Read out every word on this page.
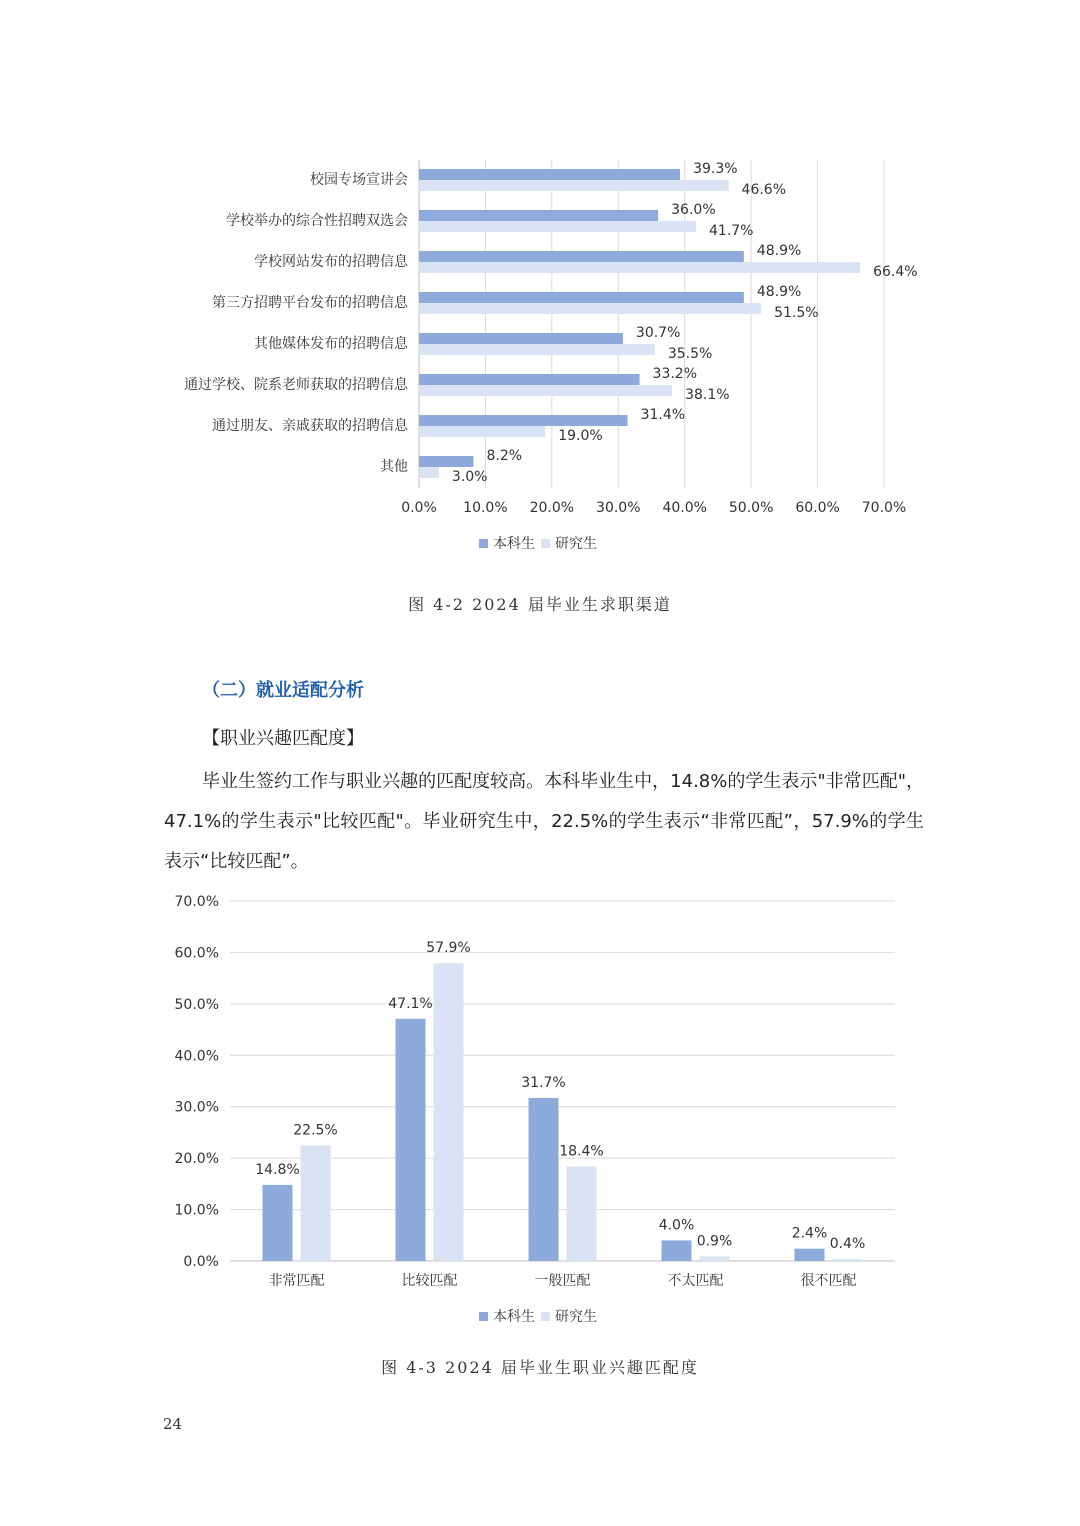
0.0% 10.0% 20.0% 30.0% 40.0% 50.0% 60.0% 70.0%
校园专场宣讲会
39.3%
46.6%
学校举办的综合性招聘双选会
36.0%
41.7%
学校网站发布的招聘信息
48.9%
66.4%
第三方招聘平台发布的招聘信息
48.9%
51.5%
其他媒体发布的招聘信息
30.7%
35.5%
通过学校、院系老师获取的招聘信息
33.2%
38.1%
通过朋友、亲戚获取的招聘信息
31.4%
19.0%
其他
8.2%
3.0%
本科生 研究生
图 4-2 2024 届毕业生求职渠道
（二）就业适配分析
【职业兴趣匹配度】
毕业生签约工作与职业兴趣的匹配度较高。本科毕业生中，14.8%的学生表示"非常匹配"，47.1%的学生表示"比较匹配"。毕业研究生中，22.5%的学生表示“非常匹配”，57.9%的学生表示“比较匹配”。
0.0%
10.0%
20.0%
30.0%
40.0%
50.0%
60.0%
70.0%
14.8%
22.5%
非常匹配
47.1%
57.9%
比较匹配
31.7%
18.4%
一般匹配
4.0%
0.9%
不太匹配
2.4%
0.4%
很不匹配
本科生 研究生
图 4-3 2024 届毕业生职业兴趣匹配度
24
